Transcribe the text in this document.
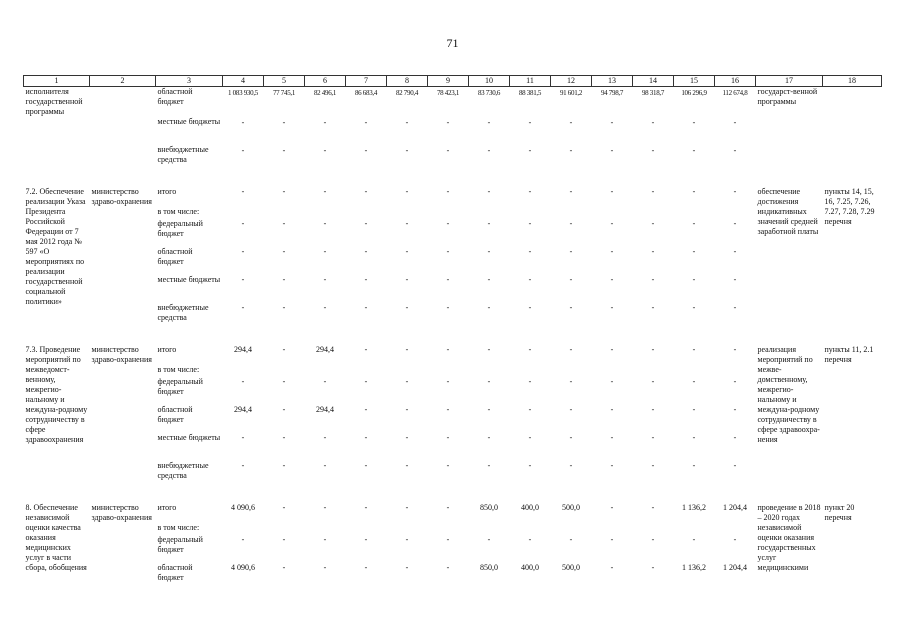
71
1	2	3	4	5	6	7	8	9	10	11	12	13	14	15	16	17	18
исполнителя государственной программы		областной бюджет	1 083 930,5	77 745,1	82 496,1	86 683,4	82 790,4	78 423,1	83 730,6	88 381,5	91 601,2	94 798,7	98 318,7	106 296,9	112 674,8	государст-венной программы	
		местные бюджеты	-	-	-	-	-	-	-	-	-	-	-	-	-		
		внебюджетные средства	-	-	-	-	-	-	-	-	-	-	-	-	-		

7.2. Обеспечение реализации Указа Президента Российской Федерации от 7 мая 2012 года № 597 «О мероприятиях по реализации государственной социальной политики»	министерство здраво-охранения	итого	-	-	-	-	-	-	-	-	-	-	-	-	-	обеспечение достижения индикативных значений средней заработной платы	пункты 14, 15, 16, 7.25, 7.26, 7.27, 7.28, 7.29 перечня
		в том числе:															
		федеральный бюджет	-	-	-	-	-	-	-	-	-	-	-	-	-		
		областной бюджет	-	-	-	-	-	-	-	-	-	-	-	-	-		
		местные бюджеты	-	-	-	-	-	-	-	-	-	-	-	-	-		
		внебюджетные средства	-	-	-	-	-	-	-	-	-	-	-	-	-		

7.3. Проведение мероприятий по межведомст-венному, межрегио-нальному и междуна-родному сотрудничеству в сфере здравоохранения	министерство здраво-охранения	итого	294,4	-	294,4	-	-	-	-	-	-	-	-	-	-	реализация мероприятий по межве-домственному, межрегио-нальному и междуна-родному сотрудничеству в сфере здравоохра-нения	пункты 11, 2.1 перечня
		в том числе:															
		федеральный бюджет	-	-	-	-	-	-	-	-	-	-	-	-	-		
		областной бюджет	294,4	-	294,4	-	-	-	-	-	-	-	-	-	-		
		местные бюджеты	-	-	-	-	-	-	-	-	-	-	-	-	-		
		внебюджетные средства	-	-	-	-	-	-	-	-	-	-	-	-	-		

8. Обеспечение независимой оценки качества оказания медицинских услуг в части сбора, обобщения	министерство здраво-охранения	итого	4 090,6	-	-	-	-	-	850,0	400,0	500,0	-	-	1 136,2	1 204,4	проведение в 2018 – 2020 годах независимой оценки оказания государственных услуг медицинскими	пункт 20 перечня
		в том числе:															
		федеральный бюджет	-	-	-	-	-	-	-	-	-	-	-	-	-		
		областной бюджет	4 090,6	-	-	-	-	-	850,0	400,0	500,0	-	-	1 136,2	1 204,4		
